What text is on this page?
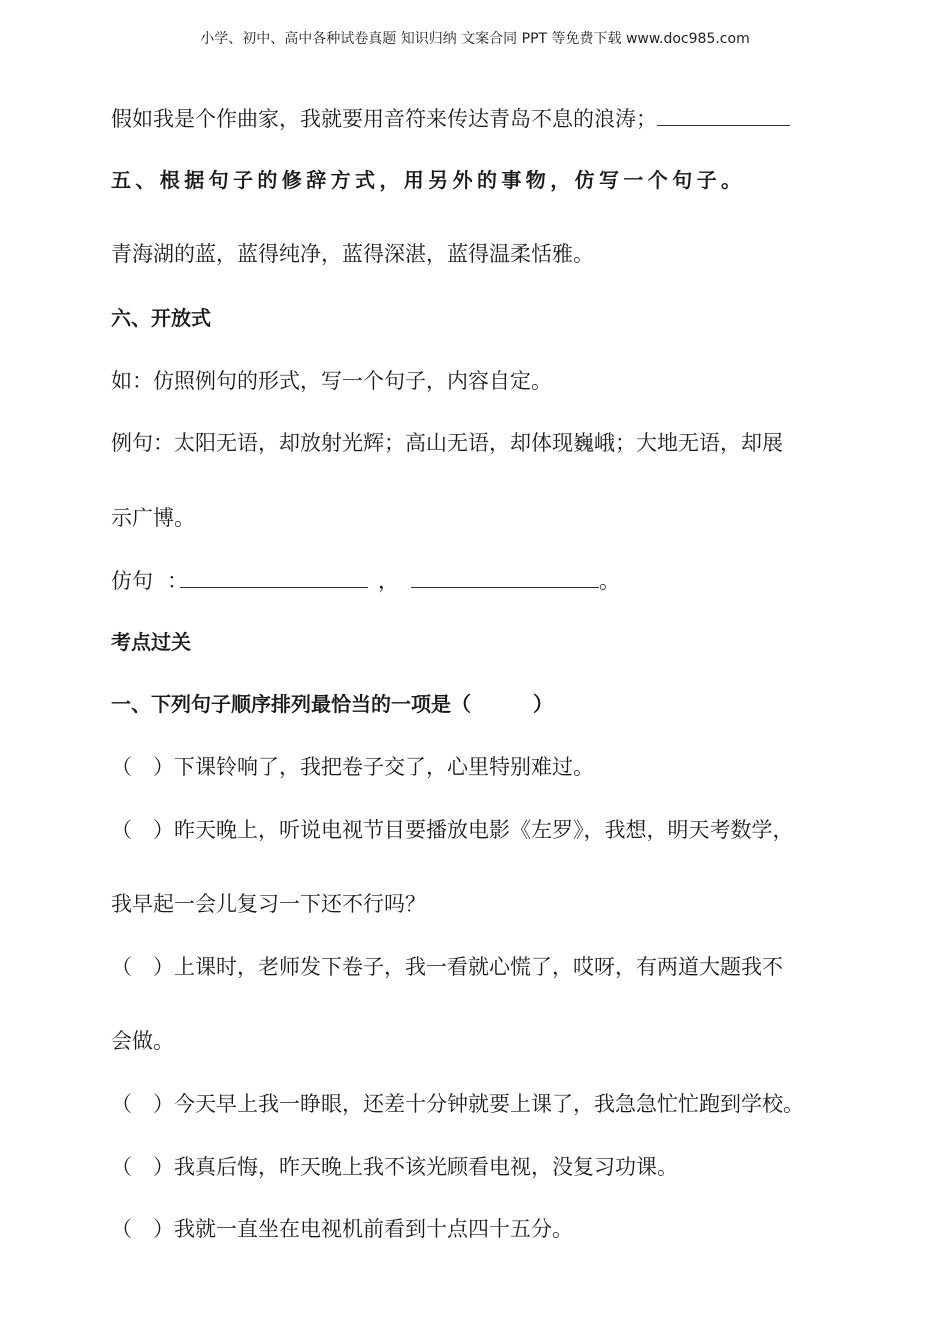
小学、初中、高中各种试卷真题 知识归纳 文案合同 PPT 等免费下载 www.doc985.com
假如我是个作曲家，我就要用音符来传达青岛不息的浪涛；
五、根据句子的修辞方式，用另外的事物，仿写一个句子。
青海湖的蓝，蓝得纯净，蓝得深湛，蓝得温柔恬雅。
六、开放式
如：仿照例句的形式，写一个句子，内容自定。
例句：太阳无语，却放射光辉；高山无语，却体现巍峨；大地无语，却展
示广博。
仿句 ：	，	。
考点过关
一、下列句子顺序排列最恰当的一项是（	）
（　）下课铃响了，我把卷子交了，心里特别难过。
（　）昨天晚上，听说电视节目要播放电影《左罗》，我想，明天考数学，
我早起一会儿复习一下还不行吗？
（　）上课时，老师发下卷子，我一看就心慌了，哎呀，有两道大题我不
会做。
（　）今天早上我一睁眼，还差十分钟就要上课了，我急急忙忙跑到学校。
（　）我真后悔，昨天晚上我不该光顾看电视，没复习功课。
（　）我就一直坐在电视机前看到十点四十五分。
